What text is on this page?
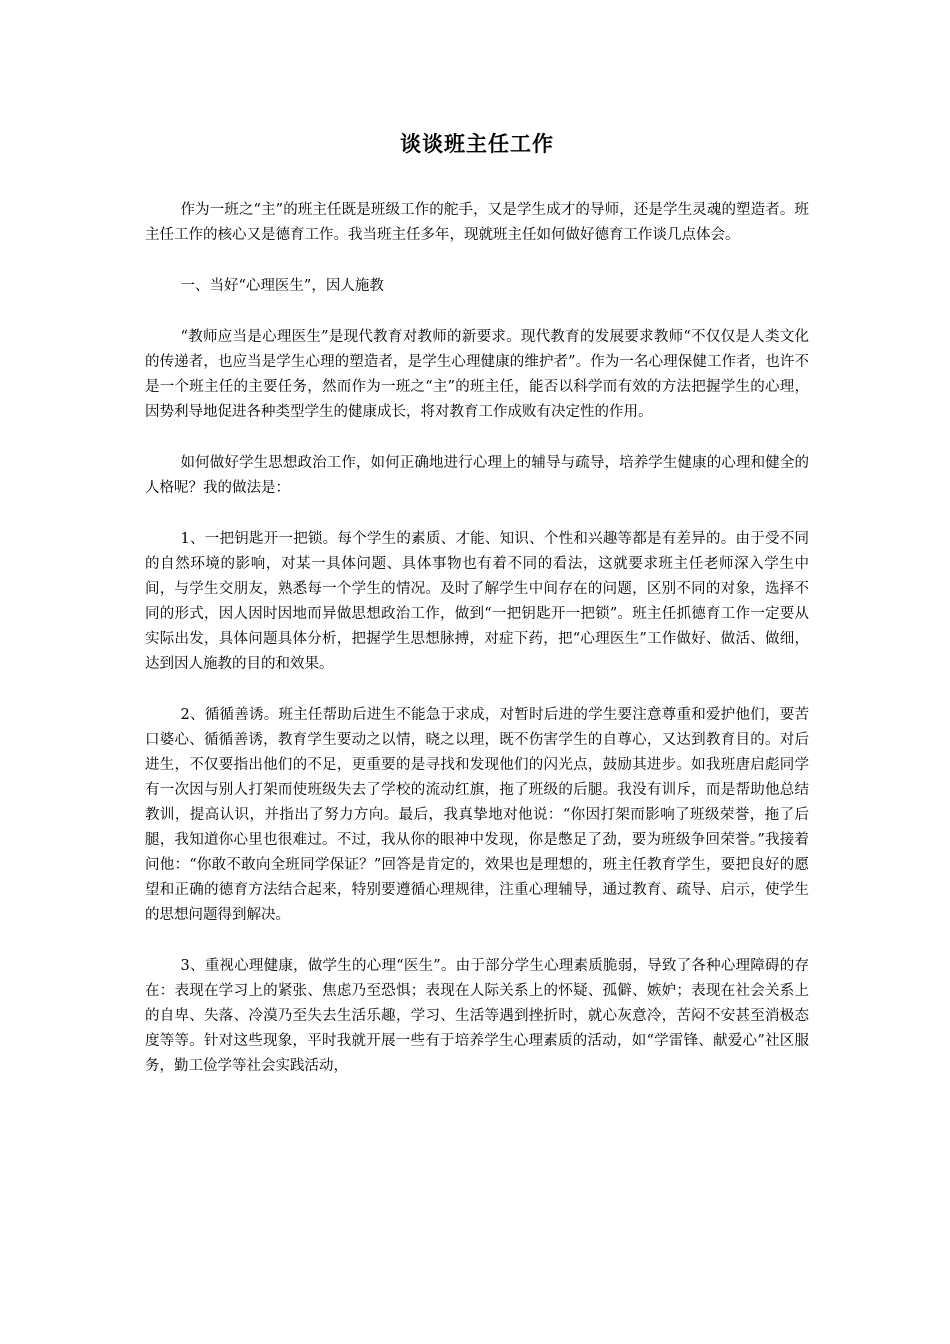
谈谈班主任工作

作为一班之“主”的班主任既是班级工作的舵手，又是学生成才的导师，还是学生灵魂的塑造者。班主任工作的核心又是德育工作。我当班主任多年，现就班主任如何做好德育工作谈几点体会。

一、当好“心理医生”，因人施教

“教师应当是心理医生”是现代教育对教师的新要求。现代教育的发展要求教师“不仅仅是人类文化的传递者，也应当是学生心理的塑造者，是学生心理健康的维护者”。作为一名心理保健工作者，也许不是一个班主任的主要任务，然而作为一班之“主”的班主任，能否以科学而有效的方法把握学生的心理，因势利导地促进各种类型学生的健康成长，将对教育工作成败有决定性的作用。

如何做好学生思想政治工作，如何正确地进行心理上的辅导与疏导，培养学生健康的心理和健全的人格呢？我的做法是：

1、一把钥匙开一把锁。每个学生的素质、才能、知识、个性和兴趣等都是有差异的。由于受不同的自然环境的影响，对某一具体问题、具体事物也有着不同的看法，这就要求班主任老师深入学生中间，与学生交朋友，熟悉每一个学生的情况。及时了解学生中间存在的问题，区别不同的对象，选择不同的形式，因人因时因地而异做思想政治工作，做到“一把钥匙开一把锁”。班主任抓德育工作一定要从实际出发，具体问题具体分析，把握学生思想脉搏，对症下药，把“心理医生”工作做好、做活、做细，达到因人施教的目的和效果。

2、循循善诱。班主任帮助后进生不能急于求成，对暂时后进的学生要注意尊重和爱护他们，要苦口婆心、循循善诱，教育学生要动之以情，晓之以理，既不伤害学生的自尊心，又达到教育目的。对后进生，不仅要指出他们的不足，更重要的是寻找和发现他们的闪光点，鼓励其进步。如我班唐启彪同学有一次因与别人打架而使班级失去了学校的流动红旗，拖了班级的后腿。我没有训斥，而是帮助他总结教训，提高认识，并指出了努力方向。最后，我真挚地对他说：“你因打架而影响了班级荣誉，拖了后腿，我知道你心里也很难过。不过，我从你的眼神中发现，你是憋足了劲，要为班级争回荣誉。”我接着问他：“你敢不敢向全班同学保证？”回答是肯定的，效果也是理想的，班主任教育学生，要把良好的愿望和正确的德育方法结合起来，特别要遵循心理规律，注重心理辅导，通过教育、疏导、启示，使学生的思想问题得到解决。

3、重视心理健康，做学生的心理“医生”。由于部分学生心理素质脆弱，导致了各种心理障碍的存在：表现在学习上的紧张、焦虑乃至恐惧；表现在人际关系上的怀疑、孤僻、嫉妒；表现在社会关系上的自卑、失落、冷漠乃至失去生活乐趣，学习、生活等遇到挫折时，就心灰意冷，苦闷不安甚至消极态度等等。针对这些现象，平时我就开展一些有于培养学生心理素质的活动，如“学雷锋、献爱心”社区服务，勤工俭学等社会实践活动，
